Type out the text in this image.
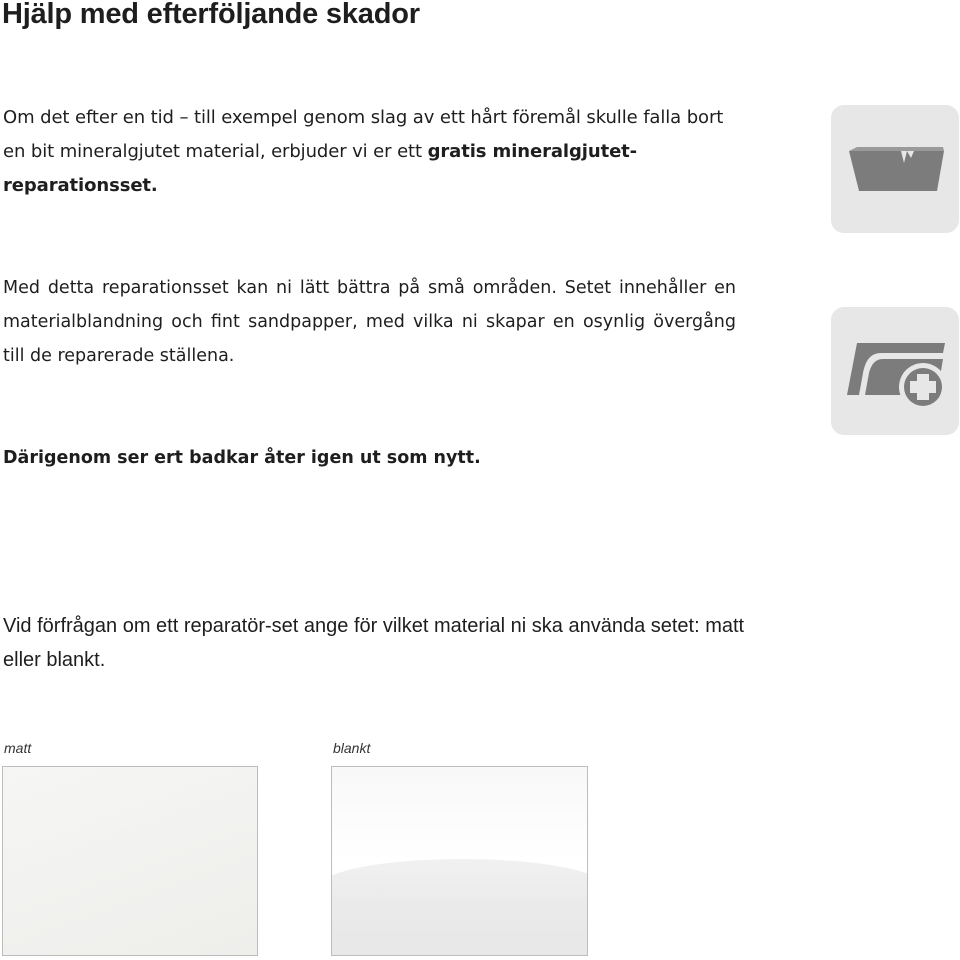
Hjälp med efterföljande skador

Om det efter en tid – till exempel genom slag av ett hårt föremål skulle falla bort en bit mineralgjutet material, erbjuder vi er ett gratis mineralgjutet-reparationsset.

Med detta reparationsset kan ni lätt bättra på små områden. Setet innehåller en materialblandning och fint sandpapper, med vilka ni skapar en osynlig övergång till de reparerade ställena.

Därigenom ser ert badkar åter igen ut som nytt.

Vid förfrågan om ett reparatör-set ange för vilket material ni ska använda setet: matt eller blankt.

matt	blankt
